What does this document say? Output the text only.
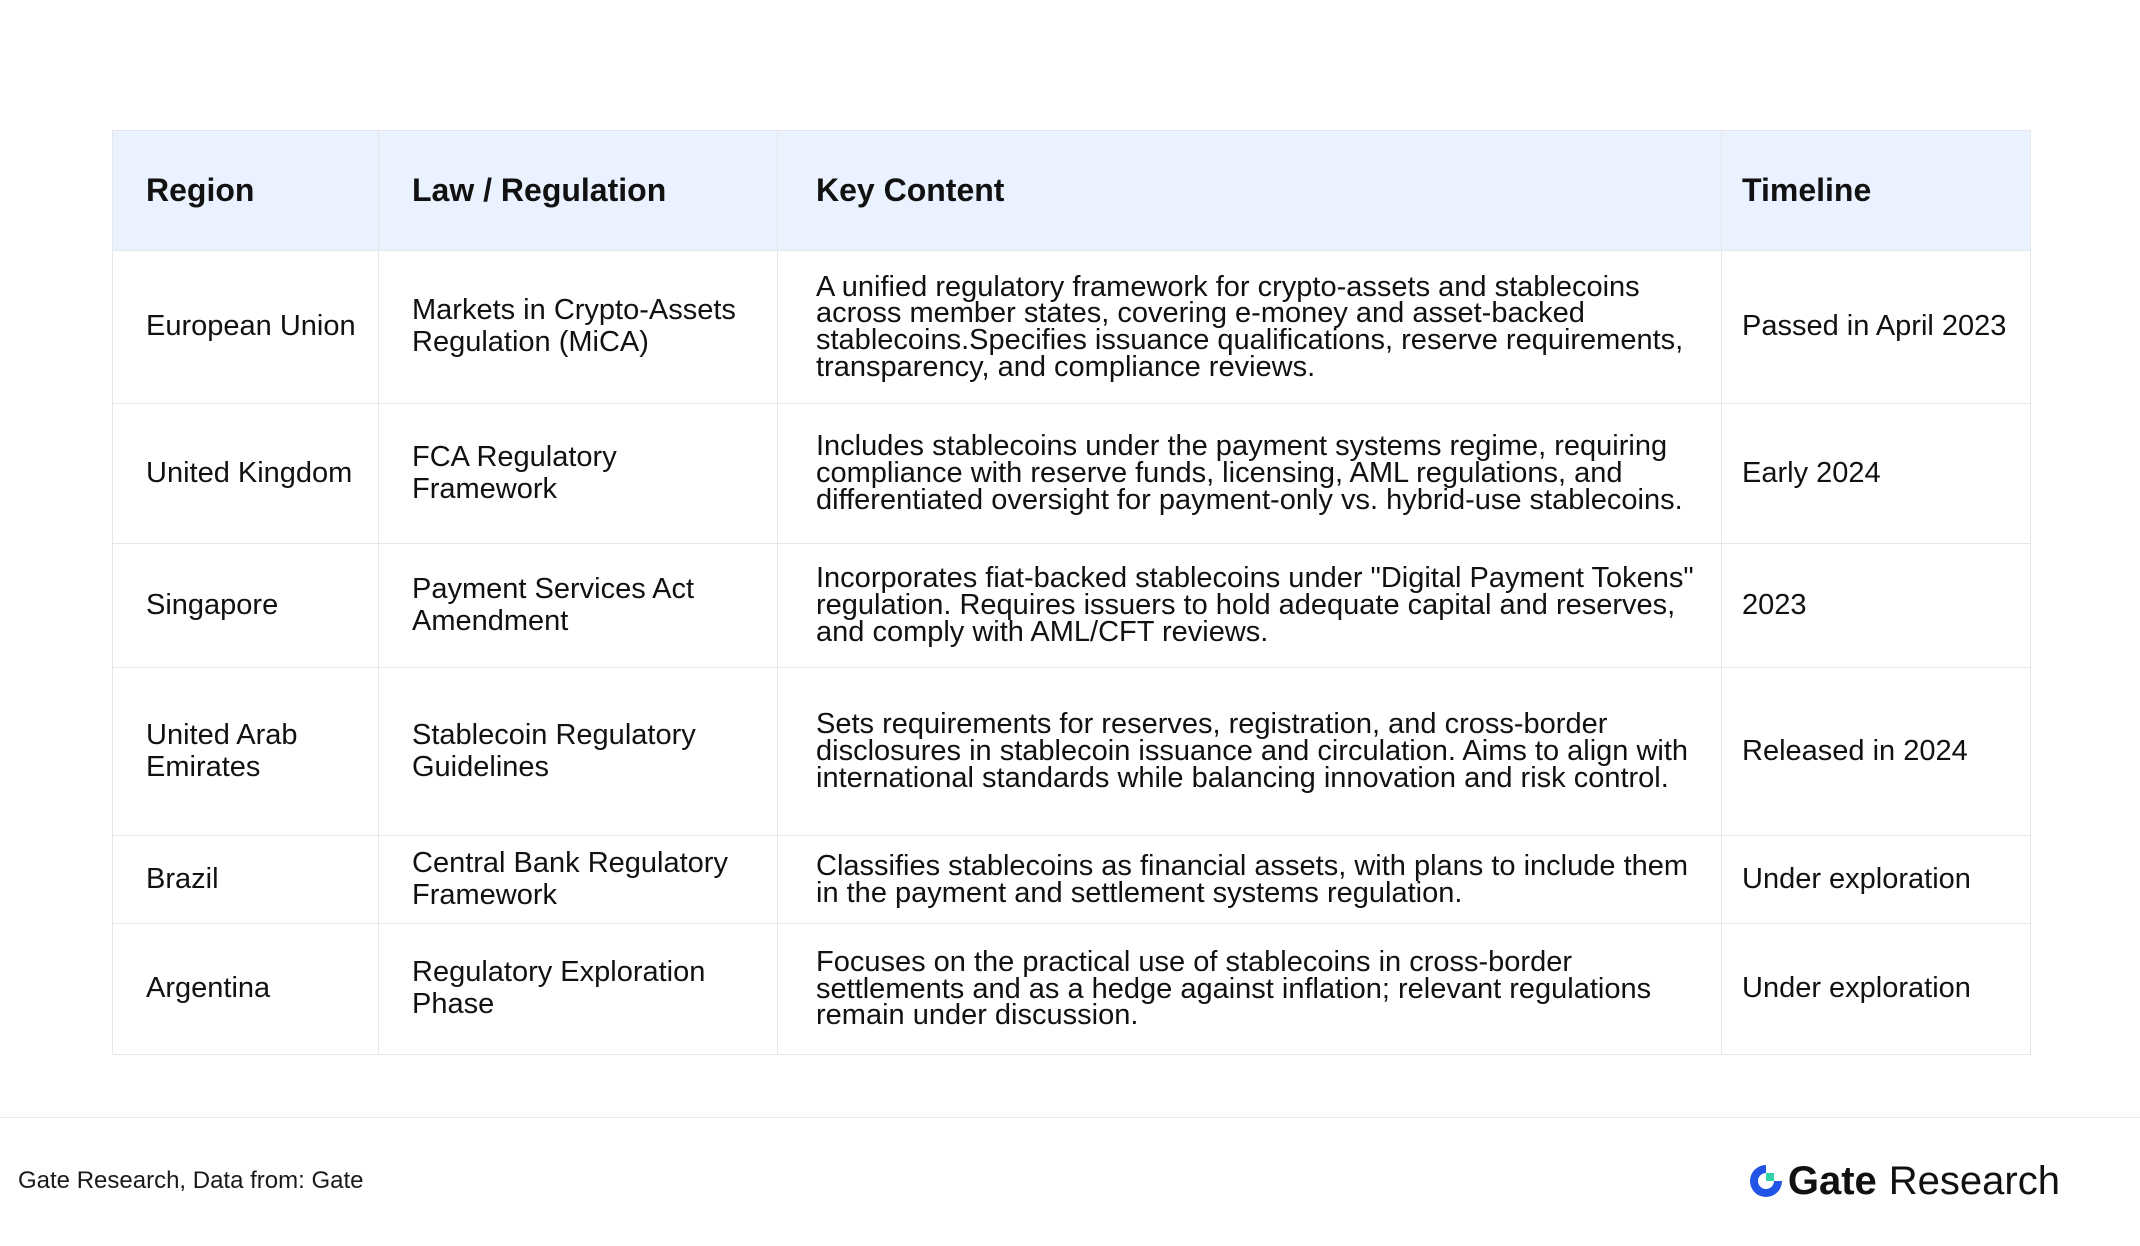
Region	Law / Regulation	Key Content	Timeline
European Union	Markets in Crypto-Assets Regulation (MiCA)	A unified regulatory framework for crypto-assets and stablecoins across member states, covering e-money and asset-backed stablecoins.Specifies issuance qualifications, reserve requirements, transparency, and compliance reviews.	Passed in April 2023
United Kingdom	FCA Regulatory Framework	Includes stablecoins under the payment systems regime, requiring compliance with reserve funds, licensing, AML regulations, and differentiated oversight for payment-only vs. hybrid-use stablecoins.	Early 2024
Singapore	Payment Services Act Amendment	Incorporates fiat-backed stablecoins under "Digital Payment Tokens" regulation. Requires issuers to hold adequate capital and reserves, and comply with AML/CFT reviews.	2023
United Arab Emirates	Stablecoin Regulatory Guidelines	Sets requirements for reserves, registration, and cross-border disclosures in stablecoin issuance and circulation. Aims to align with international standards while balancing innovation and risk control.	Released in 2024
Brazil	Central Bank Regulatory Framework	Classifies stablecoins as financial assets, with plans to include them in the payment and settlement systems regulation.	Under exploration
Argentina	Regulatory Exploration Phase	Focuses on the practical use of stablecoins in cross-border settlements and as a hedge against inflation; relevant regulations remain under discussion.	Under exploration
Gate Research, Data from: Gate	Gate Research
